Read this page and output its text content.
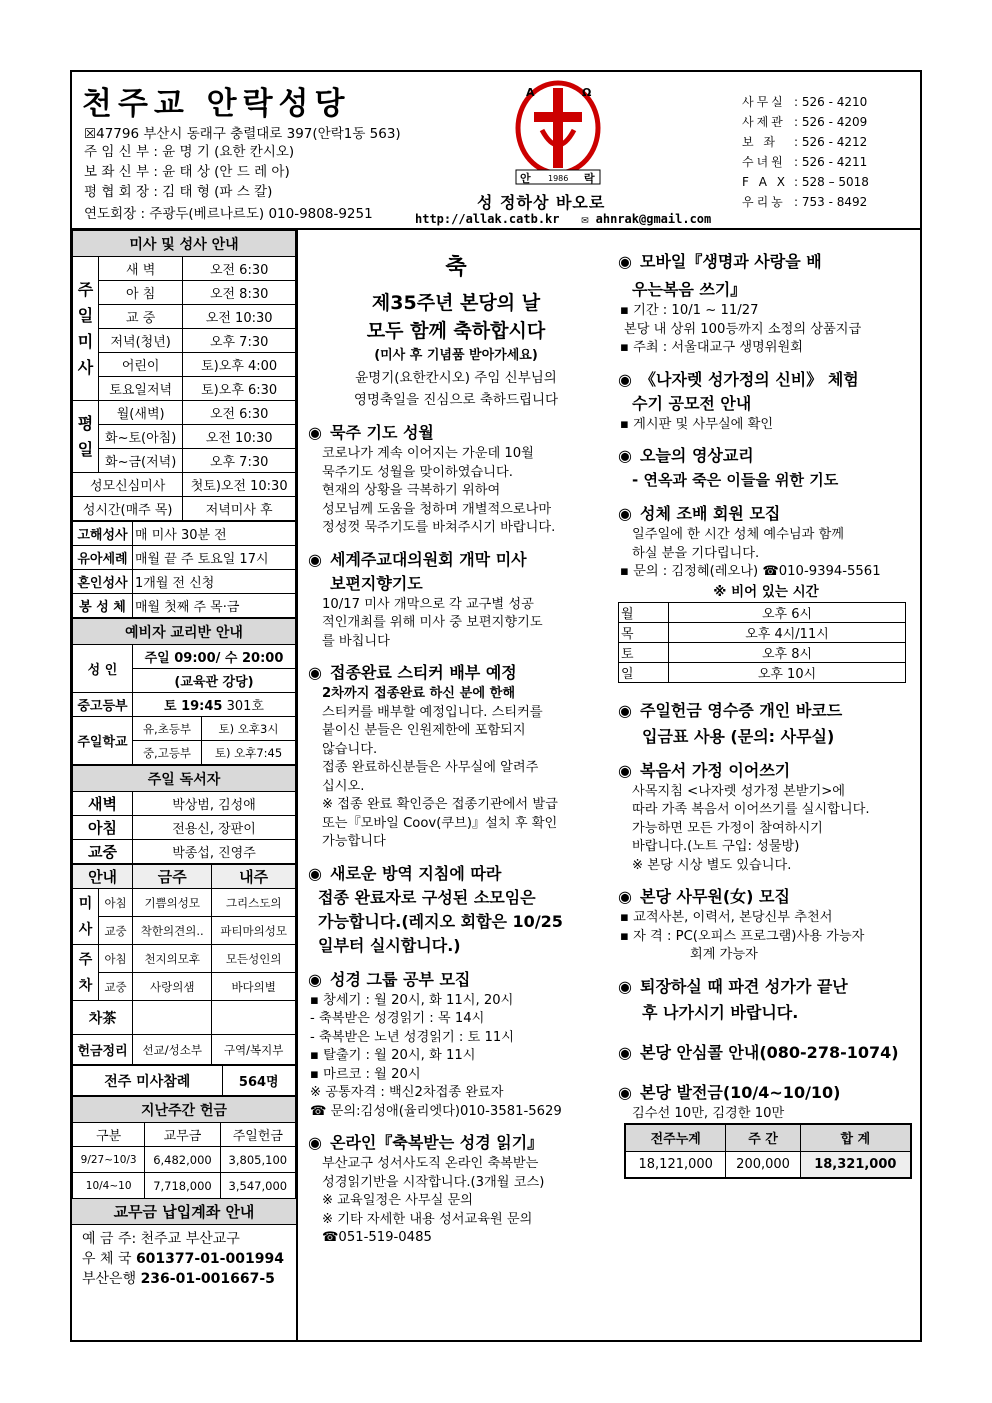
천주교 안락성당
☒47796 부산시 동래구 충렬대로 397(안락1동 563)
주 임 신 부 : 윤 명 기 (요한 칸시오)
보 좌 신 부 : 윤 태 상 (안 드 레 아)
평 협 회 장 : 김 태 형 (파 스 칼)
연도회장 : 주광두(베르나르도) 010-9808-9251
A	Ω
안 1986 락
성 정하상 바오로
http://allak.catb.kr ✉ ahnrak@gmail.com
사무실 : 526 - 4210
사제관 : 526 - 4209
보 좌	: 526 - 4212
수녀원 : 526 - 4211
F A X : 528 – 5018
우리농 : 753 - 8492
미사 및 성사 안내		
주일미사	새 벽	오전 6:30
	아 침	오전 8:30
	교 중	오전 10:30
	저녁(청년)	오후 7:30
	어린이	토)오후 4:00
	토요일저녁	토)오후 6:30
평일	월(새벽)	오전 6:30
	화~토(아침)	오전 10:30
	화~금(저녁)	오후 7:30
성모신심미사		첫토)오전 10:30
성시간(매주 목)		저녁미사 후
고해성사	매 미사 30분 전
유아세례	매월 끝 주 토요일 17시
혼인성사	1개월 전 신청
봉 성 체	매월 첫째 주 목·금
예비자 교리반 안내		
성 인	주일 09:00/ 수 20:00	
	(교육관 강당)	
중고등부	토 19:45 301호	
주일학교	유,초등부	토) 오후3시
	중,고등부	토) 오후7:45
주일 독서자	
새벽	박상범, 김성애
아침	전용신, 장판이
교중	박종섭, 진영주
안내		금주	내주
미사	아침	기쁨의성모	그리스도의
	교중	착한의견의..	파티마의성모
주차	아침	천지의모후	모든성인의
	교중	사랑의샘	바다의별
차茶			
헌금정리		선교/성소부	구역/복지부
전주 미사참례	564명
지난주간 헌금		
구분	교무금	주일헌금
9/27~10/3	6,482,000	3,805,100
10/4~10	7,718,000	3,547,000
교무금 납입계좌 안내
예 금 주: 천주교 부산교구
우 체 국 601377-01-001994
부산은행 236-01-001667-5
축
제35주년 본당의 날
모두 함께 축하합시다
(미사 후 기념품 받아가세요)
윤명기(요한칸시오) 주임 신부님의
영명축일을 진심으로 축하드립니다
◉ 묵주 기도 성월
코로나가 계속 이어지는 가운데 10월
묵주기도 성월을 맞이하였습니다.
현재의 상황을 극복하기 위하여
성모님께 도움을 청하며 개별적으로나마
정성껏 묵주기도를 바쳐주시기 바랍니다.
◉ 세계주교대의원회 개막 미사
보편지향기도
10/17 미사 개막으로 각 교구별 성공
적인개최를 위해 미사 중 보편지향기도
를 바칩니다
◉ 접종완료 스티커 배부 예정
2차까지 접종완료 하신 분에 한해
스티커를 배부할 예정입니다. 스티커를
붙이신 분들은 인원제한에 포함되지
않습니다.
접종 완료하신분들은 사무실에 알려주
십시오.
※ 접종 완료 확인증은 접종기관에서 발급
또는『모바일 Coov(쿠브)』설치 후 확인
가능합니다
◉ 새로운 방역 지침에 따라
접종 완료자로 구성된 소모임은
가능합니다.(레지오 회합은 10/25
일부터 실시합니다.)
◉ 성경 그룹 공부 모집
▪ 창세기 : 월 20시, 화 11시, 20시
- 축복받은 성경읽기 : 목 14시
- 축복받은 노년 성경읽기 : 토 11시
▪ 탈출기 : 월 20시, 화 11시
▪ 마르코 : 월 20시
※ 공통자격 : 백신2차접종 완료자
☎ 문의:김성애(율리엣다)010-3581-5629
◉ 온라인『축복받는 성경 읽기』
부산교구 성서사도직 온라인 축복받는
성경읽기반을 시작합니다.(3개월 코스)
※ 교육일정은 사무실 문의
※ 기타 자세한 내용 성서교육원 문의
☎051-519-0485
◉ 모바일『생명과 사랑을 배
우는복음 쓰기』
▪ 기간 : 10/1 ~ 11/27
본당 내 상위 100등까지 소정의 상품지급
▪ 주최 : 서울대교구 생명위원회
◉ 《나자렛 성가정의 신비》 체험
수기 공모전 안내
▪ 게시판 및 사무실에 확인
◉ 오늘의 영상교리
- 연옥과 죽은 이들을 위한 기도
◉ 성체 조배 회원 모집
일주일에 한 시간 성체 예수님과 함께
하실 분을 기다립니다.
▪ 문의 : 김정혜(레오나) ☎010-9394-5561
※ 비어 있는 시간
월	오후 6시
목	오후 4시/11시
토	오후 8시
일	오후 10시
◉ 주일헌금 영수증 개인 바코드
입금표 사용 (문의: 사무실)
◉ 복음서 가정 이어쓰기
사목지침 <나자렛 성가정 본받기>에
따라 가족 복음서 이어쓰기를 실시합니다.
가능하면 모든 가정이 참여하시기
바랍니다.(노트 구입: 성물방)
※ 본당 시상 별도 있습니다.
◉ 본당 사무원(女) 모집
▪ 교적사본, 이력서, 본당신부 추천서
▪ 자 격 : PC(오피스 프로그램)사용 가능자
회계 가능자
◉ 퇴장하실 때 파견 성가가 끝난
후 나가시기 바랍니다.
◉ 본당 안심콜 안내(080-278-1074)
◉ 본당 발전금(10/4~10/10)
김수선 10만, 김경한 10만
전주누계	주 간	합 계
18,121,000	200,000	18,321,000
